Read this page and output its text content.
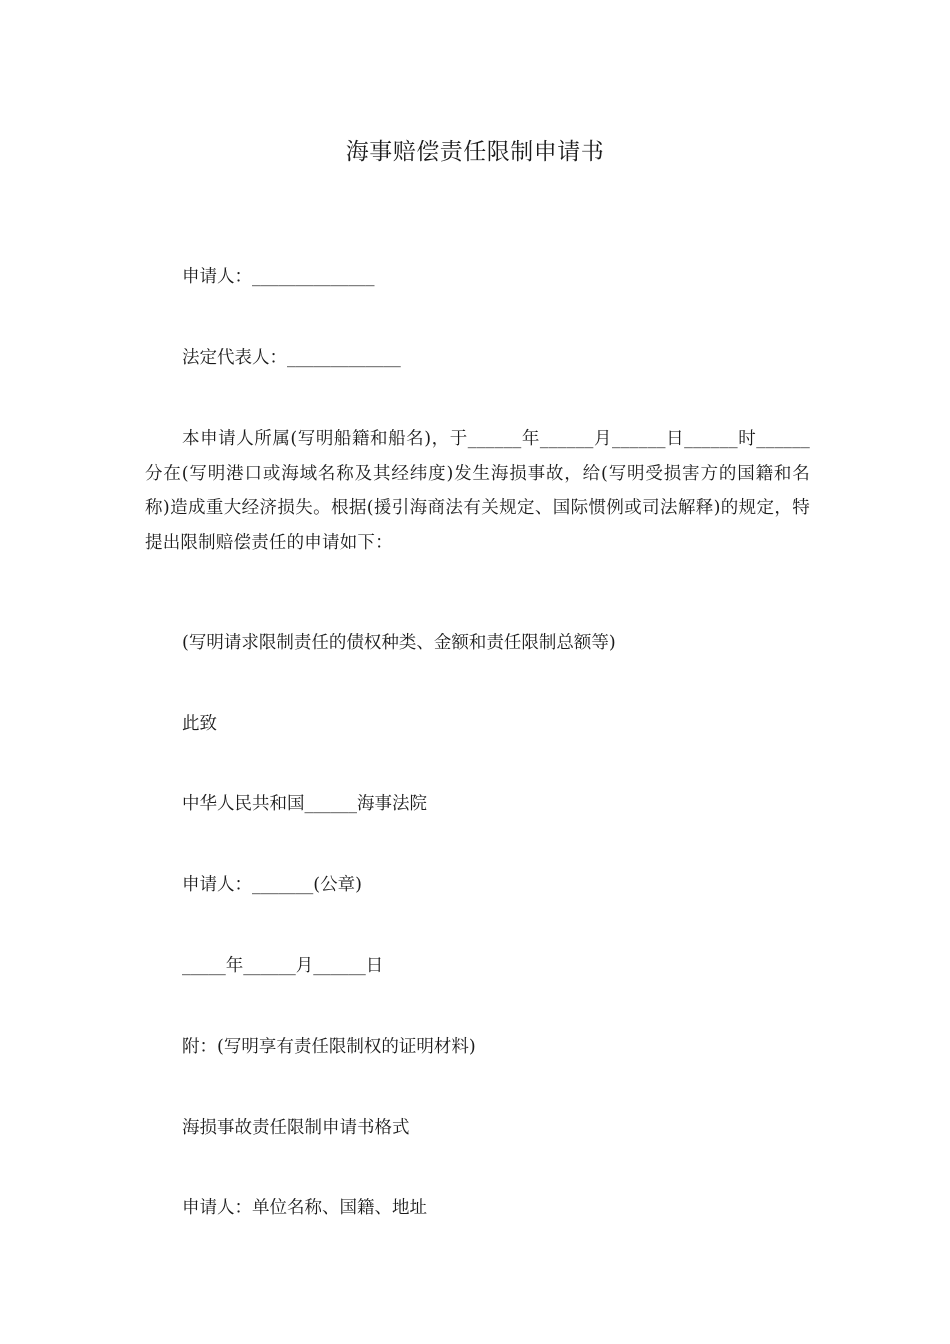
海事赔偿责任限制申请书
申请人：______________
法定代表人：_____________
本申请人所属(写明船籍和船名)，于______年______月______日______时______分在(写明港口或海域名称及其经纬度)发生海损事故，给(写明受损害方的国籍和名称)造成重大经济损失。根据(援引海商法有关规定、国际惯例或司法解释)的规定，特提出限制赔偿责任的申请如下：
(写明请求限制责任的债权种类、金额和责任限制总额等)
此致
中华人民共和国______海事法院
申请人：_______(公章)
_____年______月______日
附：(写明享有责任限制权的证明材料)
海损事故责任限制申请书格式
申请人：单位名称、国籍、地址
